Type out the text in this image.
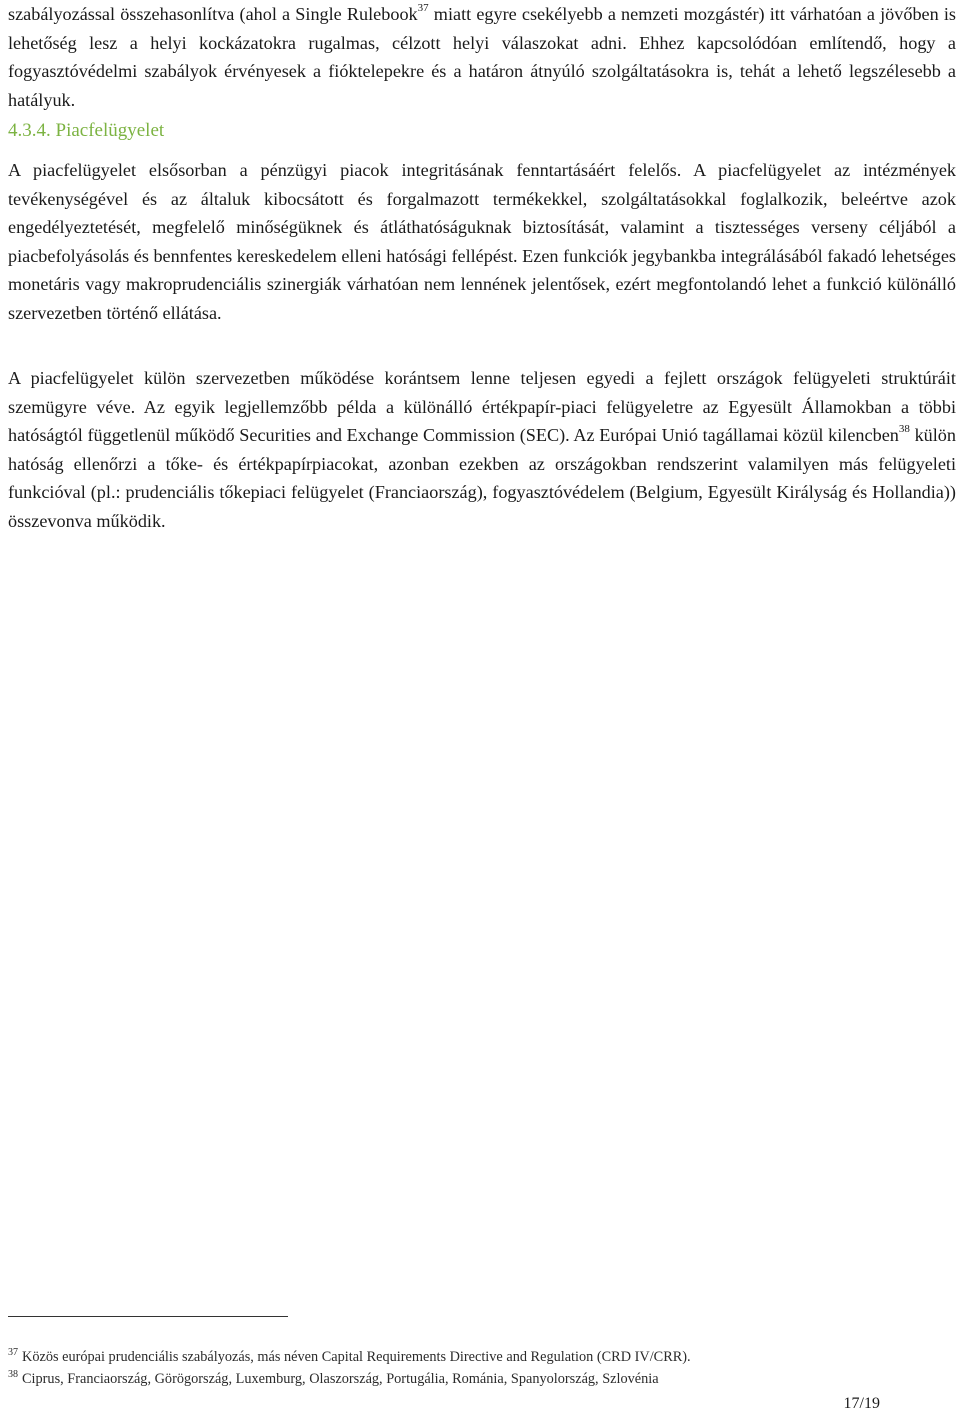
szabályozással összehasonlítva (ahol a Single Rulebook$^{37}$ miatt egyre csekélyebb a nemzeti mozgástér) itt várhatóan a jövőben is lehetőség lesz a helyi kockázatokra rugalmas, célzott helyi válaszokat adni. Ehhez kapcsolódóan említendő, hogy a fogyasztóvédelmi szabályok érvényesek a fióktelepekre és a határon átnyúló szolgáltatásokra is, tehát a lehető legszélesebb a hatályuk.

4.3.4. Piacfelügyelet

A piacfelügyelet elsősorban a pénzügyi piacok integritásának fenntartásáért felelős. A piacfelügyelet az intézmények tevékenységével és az általuk kibocsátott és forgalmazott termékekkel, szolgáltatásokkal foglalkozik, beleértve azok engedélyeztetését, megfelelő minőségüknek és átláthatóságuknak biztosítását, valamint a tisztességes verseny céljából a piacbefolyásolás és bennfentes kereskedelem elleni hatósági fellépést. Ezen funkciók jegybankba integrálásából fakadó lehetséges monetáris vagy makroprudenciális szinergiák várhatóan nem lennének jelentősek, ezért megfontolandó lehet a funkció különálló szervezetben történő ellátása.

A piacfelügyelet külön szervezetben működése korántsem lenne teljesen egyedi a fejlett országok felügyeleti struktúráit szemügyre véve. Az egyik legjellemzőbb példa a különálló értékpapír-piaci felügyeletre az Egyesült Államokban a többi hatóságtól függetlenül működő Securities and Exchange Commission (SEC). Az Európai Unió tagállamai közül kilencben$^{38}$ külön hatóság ellenőrzi a tőke- és értékpapírpiacokat, azonban ezekben az országokban rendszerint valamilyen más felügyeleti funkcióval (pl.: prudenciális tőkepiaci felügyelet (Franciaország), fogyasztóvédelem (Belgium, Egyesült Királyság és Hollandia)) összevonva működik.

$^{37}$ Közös európai prudenciális szabályozás, más néven Capital Requirements Directive and Regulation (CRD IV/CRR).
$^{38}$ Ciprus, Franciaország, Görögország, Luxemburg, Olaszország, Portugália, Románia, Spanyolország, Szlovénia
17/19
